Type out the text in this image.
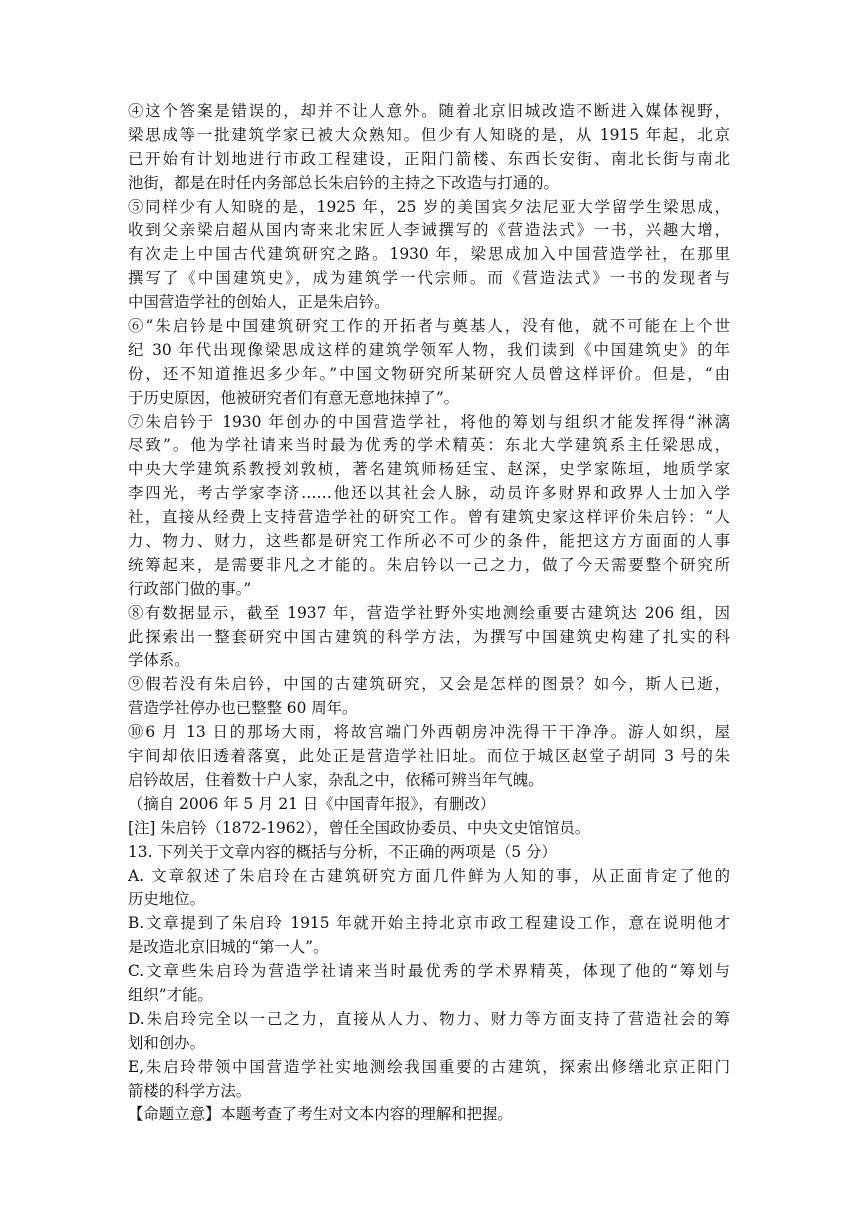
④这个答案是错误的，却并不让人意外。随着北京旧城改造不断进入媒体视野，
梁思成等一批建筑学家已被大众熟知。但少有人知晓的是，从 1915 年起，北京
已开始有计划地进行市政工程建设，正阳门箭楼、东西长安街、南北长街与南北
池街，都是在时任内务部总长朱启钤的主持之下改造与打通的。
⑤同样少有人知晓的是，1925 年，25 岁的美国宾夕法尼亚大学留学生梁思成，
收到父亲梁启超从国内寄来北宋匠人李诫撰写的《营造法式》一书，兴趣大增，
有次走上中国古代建筑研究之路。1930 年，梁思成加入中国营造学社，在那里
撰写了《中国建筑史》，成为建筑学一代宗师。而《营造法式》一书的发现者与
中国营造学社的创始人，正是朱启钤。
⑥“朱启钤是中国建筑研究工作的开拓者与奠基人，没有他，就不可能在上个世
纪 30 年代出现像梁思成这样的建筑学领军人物，我们读到《中国建筑史》的年
份，还不知道推迟多少年。”中国文物研究所某研究人员曾这样评价。但是，“由
于历史原因，他被研究者们有意无意地抹掉了”。
⑦朱启钤于 1930 年创办的中国营造学社，将他的筹划与组织才能发挥得“淋漓
尽致”。他为学社请来当时最为优秀的学术精英：东北大学建筑系主任梁思成，
中央大学建筑系教授刘敦桢，著名建筑师杨廷宝、赵深，史学家陈垣，地质学家
李四光，考古学家李济……他还以其社会人脉，动员许多财界和政界人士加入学
社，直接从经费上支持营造学社的研究工作。曾有建筑史家这样评价朱启钤：“人
力、物力、财力，这些都是研究工作所必不可少的条件，能把这方方面面的人事
统筹起来，是需要非凡之才能的。朱启钤以一己之力，做了今天需要整个研究所
行政部门做的事。”
⑧有数据显示，截至 1937 年，营造学社野外实地测绘重要古建筑达 206 组，因
此探索出一整套研究中国古建筑的科学方法，为撰写中国建筑史构建了扎实的科
学体系。
⑨假若没有朱启钤，中国的古建筑研究，又会是怎样的图景？如今，斯人已逝，
营造学社停办也已整整 60 周年。
⑩6 月 13 日的那场大雨，将故宫端门外西朝房冲洗得干干净净。游人如织，屋
宇间却依旧透着落寞，此处正是营造学社旧址。而位于城区赵堂子胡同 3 号的朱
启钤故居，住着数十户人家，杂乱之中，依稀可辨当年气魄。
（摘自 2006 年 5 月 21 日《中国青年报》，有删改）
[注] 朱启钤（1872-1962），曾任全国政协委员、中央文史馆馆员。
13. 下列关于文章内容的概括与分析，不正确的两项是（5 分）
A. 文章叙述了朱启玲在古建筑研究方面几件鲜为人知的事，从正面肯定了他的
历史地位。
B.文章提到了朱启玲 1915 年就开始主持北京市政工程建设工作，意在说明他才
是改造北京旧城的“第一人”。
C.文章些朱启玲为营造学社请来当时最优秀的学术界精英，体现了他的“筹划与
组织”才能。
D.朱启玲完全以一己之力，直接从人力、物力、财力等方面支持了营造社会的筹
划和创办。
E,朱启玲带领中国营造学社实地测绘我国重要的古建筑，探索出修缮北京正阳门
箭楼的科学方法。
【命题立意】本题考查了考生对文本内容的理解和把握。
